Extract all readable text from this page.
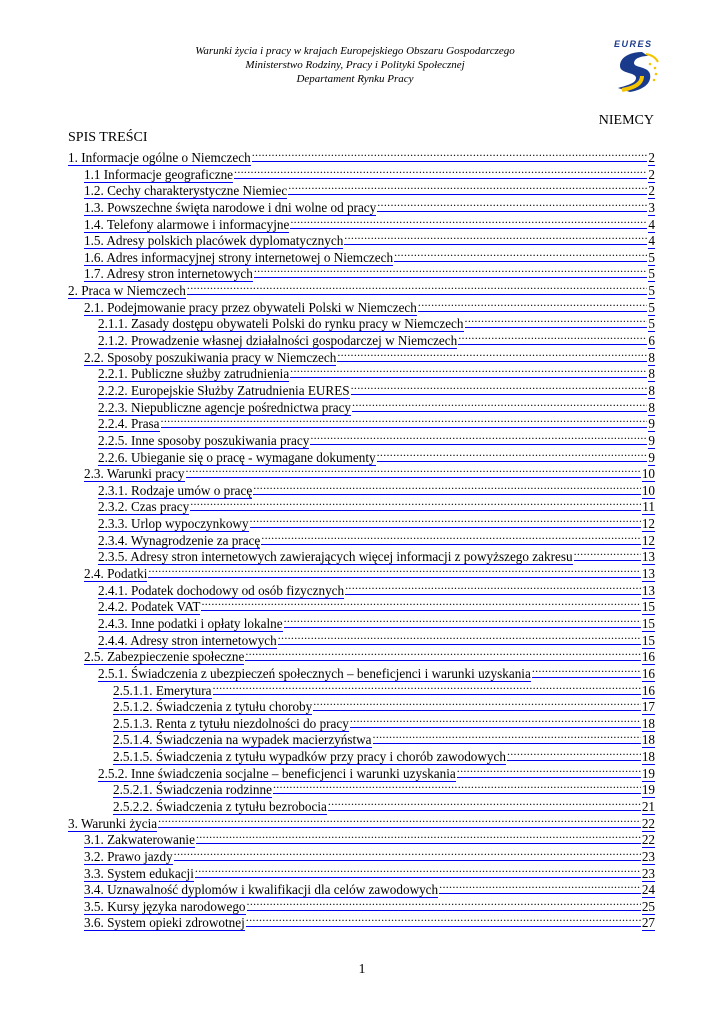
Warunki życia i pracy w krajach Europejskiego Obszaru Gospodarczego
Ministerstwo Rodziny, Pracy i Polityki Społecznej
Departament Rynku Pracy
EURES
NIEMCY
SPIS TREŚCI
1. Informacje ogólne o Niemczech .....	2
1.1 Informacje geograficzne .....	2
1.2. Cechy charakterystyczne Niemiec .....	2
1.3. Powszechne święta narodowe i dni wolne od pracy .....	3
1.4. Telefony alarmowe i informacyjne .....	4
1.5. Adresy polskich placówek dyplomatycznych .....	4
1.6. Adres informacyjnej strony internetowej o Niemczech .....	5
1.7. Adresy stron internetowych .....	5
2. Praca w Niemczech .....	5
2.1. Podejmowanie pracy przez obywateli Polski w Niemczech .....	5
2.1.1. Zasady dostępu obywateli Polski do rynku pracy w Niemczech .....	5
2.1.2. Prowadzenie własnej działalności gospodarczej w Niemczech .....	6
2.2. Sposoby poszukiwania pracy w Niemczech .....	8
2.2.1. Publiczne służby zatrudnienia .....	8
2.2.2. Europejskie Służby Zatrudnienia EURES .....	8
2.2.3. Niepubliczne agencje pośrednictwa pracy .....	8
2.2.4. Prasa .....	9
2.2.5. Inne sposoby poszukiwania pracy .....	9
2.2.6. Ubieganie się o pracę - wymagane dokumenty .....	9
2.3. Warunki pracy .....	10
2.3.1. Rodzaje umów o pracę .....	10
2.3.2. Czas pracy .....	11
2.3.3. Urlop wypoczynkowy .....	12
2.3.4. Wynagrodzenie za pracę .....	12
2.3.5. Adresy stron internetowych zawierających więcej informacji z powyższego zakresu .....	13
2.4. Podatki .....	13
2.4.1. Podatek dochodowy od osób fizycznych .....	13
2.4.2. Podatek VAT .....	15
2.4.3. Inne podatki i opłaty lokalne .....	15
2.4.4. Adresy stron internetowych .....	15
2.5. Zabezpieczenie społeczne .....	16
2.5.1. Świadczenia z ubezpieczeń społecznych – beneficjenci i warunki uzyskania .....	16
2.5.1.1. Emerytura .....	16
2.5.1.2. Świadczenia z tytułu choroby .....	17
2.5.1.3. Renta z tytułu niezdolności do pracy .....	18
2.5.1.4. Świadczenia na wypadek macierzyństwa .....	18
2.5.1.5. Świadczenia z tytułu wypadków przy pracy i chorób zawodowych .....	18
2.5.2. Inne świadczenia socjalne – beneficjenci i warunki uzyskania .....	19
2.5.2.1. Świadczenia rodzinne .....	19
2.5.2.2. Świadczenia z tytułu bezrobocia .....	21
3. Warunki życia .....	22
3.1. Zakwaterowanie .....	22
3.2. Prawo jazdy .....	23
3.3. System edukacji .....	23
3.4. Uznawalność dyplomów i kwalifikacji dla celów zawodowych .....	24
3.5. Kursy języka narodowego .....	25
3.6. System opieki zdrowotnej .....	27
1
